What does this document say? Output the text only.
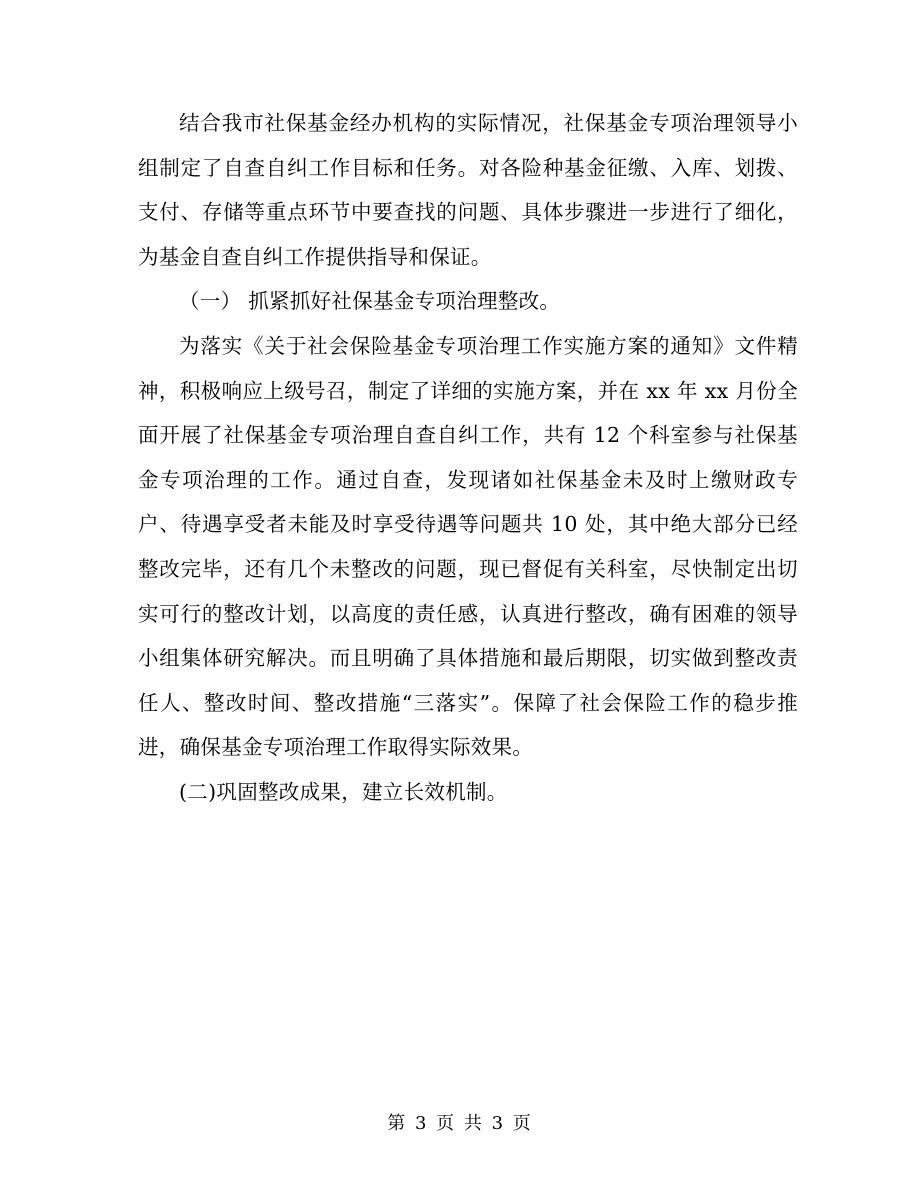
结合我市社保基金经办机构的实际情况，社保基金专项治理领导小组制定了自查自纠工作目标和任务。对各险种基金征缴、入库、划拨、支付、存储等重点环节中要查找的问题、具体步骤进一步进行了细化，为基金自查自纠工作提供指导和保证。

（一） 抓紧抓好社保基金专项治理整改。

为落实《关于社会保险基金专项治理工作实施方案的通知》文件精神，积极响应上级号召，制定了详细的实施方案，并在 xx 年 xx 月份全面开展了社保基金专项治理自查自纠工作，共有 12 个科室参与社保基金专项治理的工作。通过自查，发现诸如社保基金未及时上缴财政专户、待遇享受者未能及时享受待遇等问题共 10 处，其中绝大部分已经整改完毕，还有几个未整改的问题，现已督促有关科室，尽快制定出切实可行的整改计划，以高度的责任感，认真进行整改，确有困难的领导小组集体研究解决。而且明确了具体措施和最后期限，切实做到整改责任人、整改时间、整改措施“三落实”。保障了社会保险工作的稳步推进，确保基金专项治理工作取得实际效果。

(二)巩固整改成果，建立长效机制。

第 3 页 共 3 页
